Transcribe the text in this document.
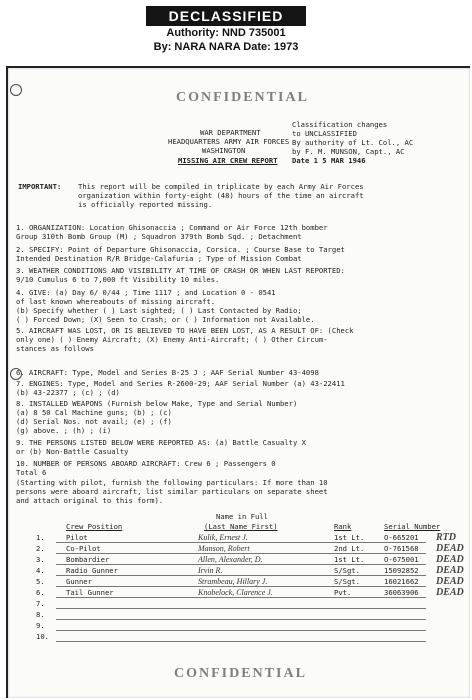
DECLASSIFIED
Authority: NND 735001
By: NARA NARA Date: 1973
CONFIDENTIAL
Classification changes
to UNCLASSIFIED
By authority of Lt. Col., AC
by F. M. MUNSON, Capt., AC
Date 1 5 MAR 1946
WAR DEPARTMENT
HEADQUARTERS ARMY AIR FORCES
WASHINGTON
MISSING AIR CREW REPORT
IMPORTANT: This report will be compiled in triplicate by each Army Air Forces
organization within forty-eight (48) hours of the time an aircraft
is officially reported missing.
1. ORGANIZATION: Location Ghisonaccia ; Command or Air Force 12th bomber
Group 310th Bomb Group (M) ; Squadron 379th Bomb Sqd. ; Detachment
2. SPECIFY: Point of Departure Ghisonaccia, Corsica. ; Course Base to Target
Intended Destination R/R Bridge-Calafuria ; Type of Mission Combat
3. WEATHER CONDITIONS AND VISIBILITY AT TIME OF CRASH OR WHEN LAST REPORTED:
9/10 Cumulus 6 to 7,000 ft Visibility 10 miles.
4. GIVE: (a) Day 6/ 0/44 ; Time 1117 ; and Location 0 - 0541
of last known whereabouts of missing aircraft.
(b) Specify whether ( ) Last sighted; ( ) Last Contacted by Radio;
( ) Forced Down; (X) Seen to Crash; or ( ) Information not Available.
5. AIRCRAFT WAS LOST, OR IS BELIEVED TO HAVE BEEN LOST, AS A RESULT OF: (Check
only one) ( ) Enemy Aircraft; (X) Enemy Anti-Aircraft; ( ) Other Circum-
stances as follows
6. AIRCRAFT: Type, Model and Series B-25 J ; AAF Serial Number 43-4098
7. ENGINES: Type, Model and Series R-2600-29; AAF Serial Number (a) 43-22411
(b) 43-22377 ; (c) ; (d)
8. INSTALLED WEAPONS (Furnish below Make, Type and Serial Number)
(a) 8 50 Cal Machine guns; (b) ; (c)
(d) Serial Nos. not avail; (e) ; (f)
(g) above. ; (h) ; (i)
9. THE PERSONS LISTED BELOW WERE REPORTED AS: (a) Battle Casualty X
or (b) Non-Battle Casualty
10. NUMBER OF PERSONS ABOARD AIRCRAFT: Crew 6 ; Passengers 0
Total 6
(Starting with pilot, furnish the following particulars: If more than 10
persons were aboard aircraft, list similar particulars on separate sheet
and attach original to this form).
Name in Full
Crew Position	(Last Name First)	Rank	Serial Number
1.	Pilot	Kulik, Ernest J.	1st Lt.	O-665201 RTD
2.	Co-Pilot	Manson, Robert	2nd Lt.	O-761568 DEAD
3.	Bombardier	Allen, Alexander, D.	1st Lt.	O-675001 DEAD
4.	Radio Gunner	Irvin R.	S/Sgt.	15092852 DEAD
5.	Gunner	Strambeau, Hillary J.	S/Sgt.	16021662 DEAD
6.	Tail Gunner	Knobelock, Clarence J.	Pvt.	36063906 DEAD
7.
8.
9.
10.
CONFIDENTIAL
